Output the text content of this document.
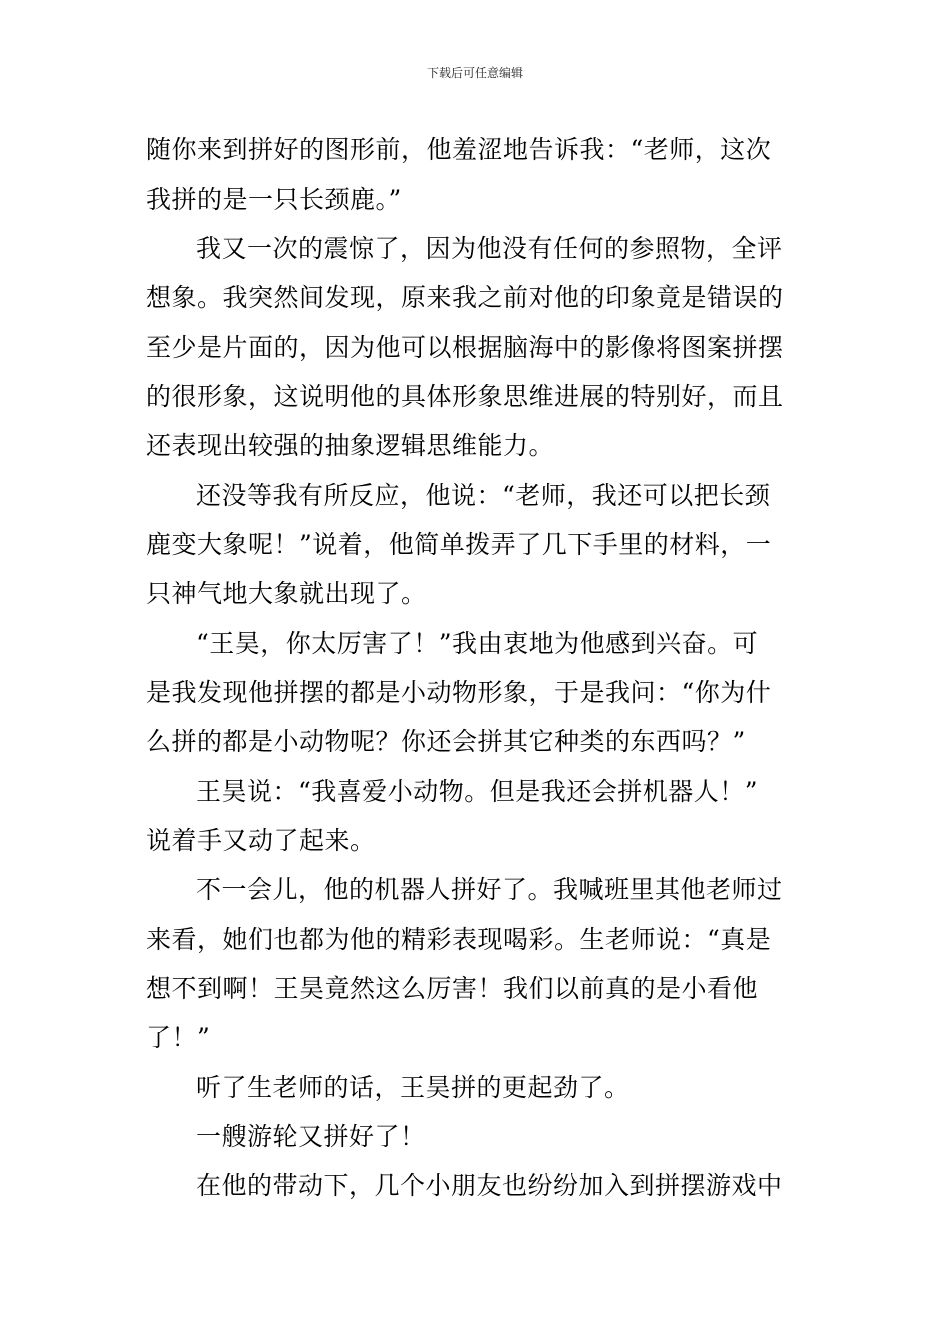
下载后可任意编辑
随你来到拼好的图形前，他羞涩地告诉我：“老师，这次
我拼的是一只长颈鹿。”
我又一次的震惊了，因为他没有任何的参照物，全评
想象。我突然间发现，原来我之前对他的印象竟是错误的
至少是片面的，因为他可以根据脑海中的影像将图案拼摆
的很形象，这说明他的具体形象思维进展的特别好，而且
还表现出较强的抽象逻辑思维能力。
还没等我有所反应，他说：“老师，我还可以把长颈
鹿变大象呢！”说着，他简单拨弄了几下手里的材料，一
只神气地大象就出现了。
“王昊，你太厉害了！”我由衷地为他感到兴奋。可
是我发现他拼摆的都是小动物形象，于是我问：“你为什
么拼的都是小动物呢？你还会拼其它种类的东西吗？”
王昊说：“我喜爱小动物。但是我还会拼机器人！”
说着手又动了起来。
不一会儿，他的机器人拼好了。我喊班里其他老师过
来看，她们也都为他的精彩表现喝彩。生老师说：“真是
想不到啊！王昊竟然这么厉害！我们以前真的是小看他
了！”
听了生老师的话，王昊拼的更起劲了。
一艘游轮又拼好了！
在他的带动下，几个小朋友也纷纷加入到拼摆游戏中
